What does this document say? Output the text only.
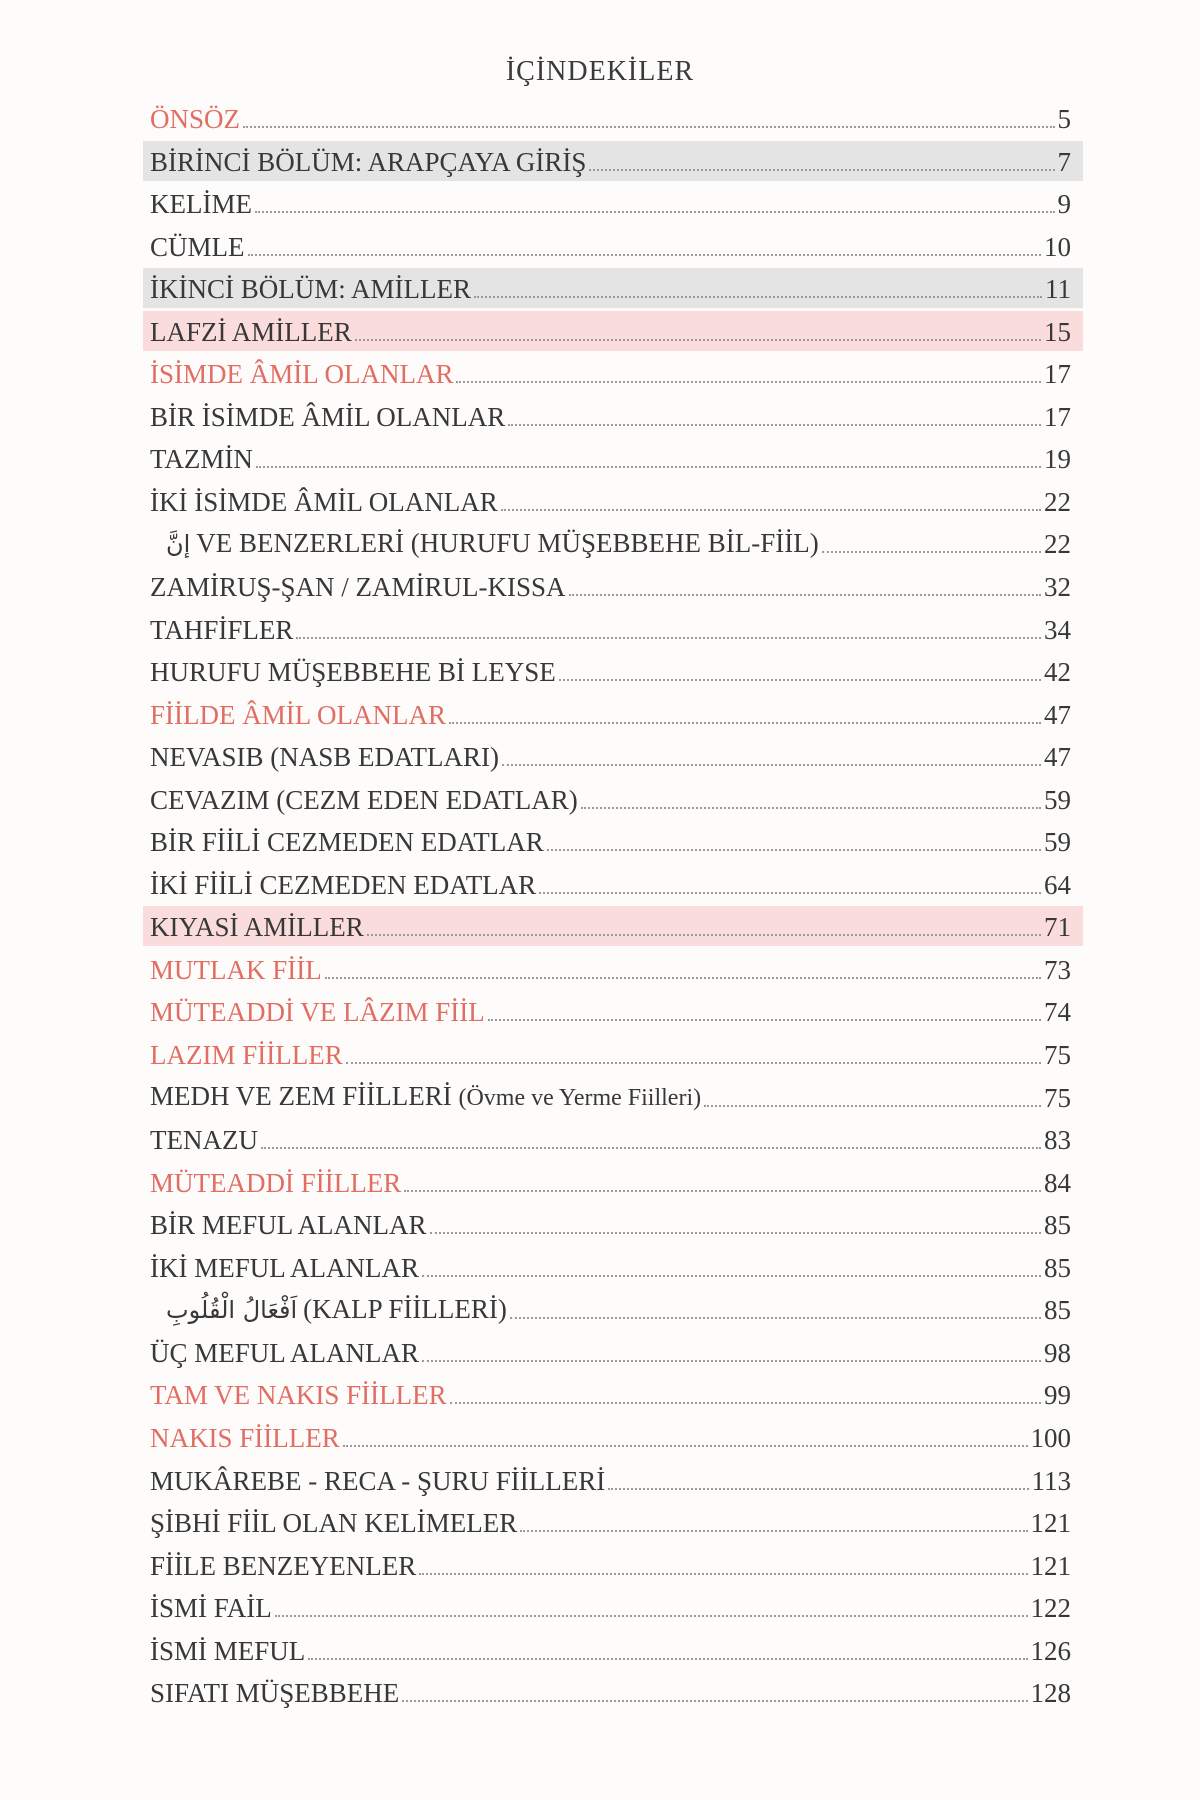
İÇİNDEKİLER
ÖNSÖZ	5
BİRİNCİ BÖLÜM: ARAPÇAYA GİRİŞ	7
KELİME	9
CÜMLE	10
İKİNCİ BÖLÜM: AMİLLER	11
LAFZİ AMİLLER	15
İSİMDE ÂMİL OLANLAR	17
BİR İSİMDE ÂMİL OLANLAR	17
TAZMİN	19
İKİ İSİMDE ÂMİL OLANLAR	22
إنَّ VE BENZERLERİ (HURUFU MÜŞEBBEHE BİL-FİİL)	22
ZAMİRUŞ-ŞAN / ZAMİRUL-KISSA	32
TAHFİFLER	34
HURUFU MÜŞEBBEHE Bİ LEYSE	42
FİİLDE ÂMİL OLANLAR	47
NEVASIB (NASB EDATLARI)	47
CEVAZIM (CEZM EDEN EDATLAR)	59
BİR FİİLİ CEZMEDEN EDATLAR	59
İKİ FİİLİ CEZMEDEN EDATLAR	64
KIYASİ AMİLLER	71
MUTLAK FİİL	73
MÜTEADDİ VE LÂZIM FİİL	74
LAZIM FİİLLER	75
MEDH VE ZEM FİİLLERİ (Övme ve Yerme Fiilleri)	75
TENAZU	83
MÜTEADDİ FİİLLER	84
BİR MEFUL ALANLAR	85
İKİ MEFUL ALANLAR	85
اَفْعَالُ الْقُلُوبِ (KALP FİİLLERİ)	85
ÜÇ MEFUL ALANLAR	98
TAM VE NAKIS FİİLLER	99
NAKIS FİİLLER	100
MUKÂREBE - RECA - ŞURU FİİLLERİ	113
ŞİBHİ FİİL OLAN KELİMELER	121
FİİLE BENZEYENLER	121
İSMİ FAİL	122
İSMİ MEFUL	126
SIFATI MÜŞEBBEHE	128
